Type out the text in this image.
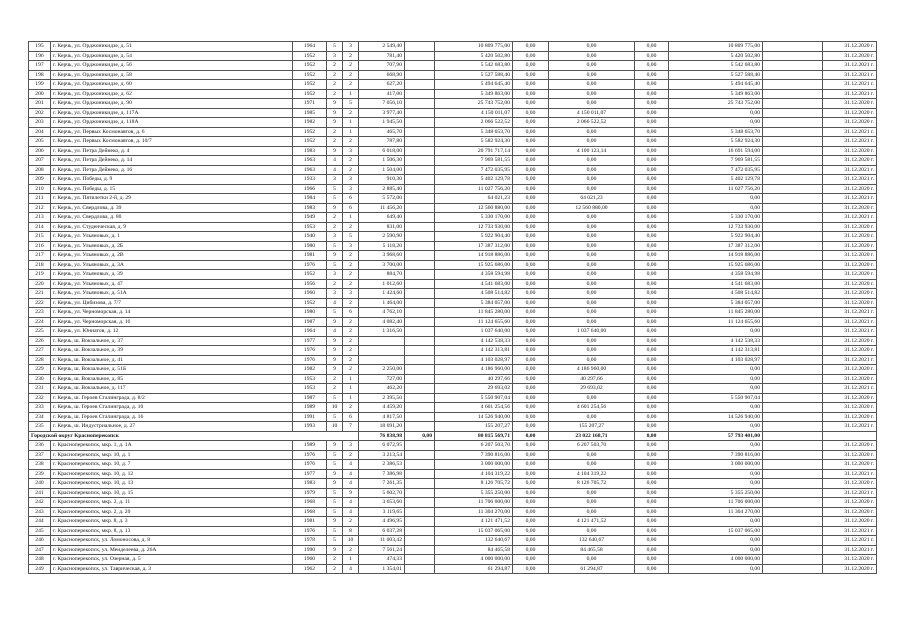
195	г. Керчь, ул. Орджоникидзе, д. 51	1964	5	3	2 549,40		10 809 775,00	0,00	0,00	0,00	10 809 775,00		31.12.2020 г.
196	г. Керчь, ул. Орджоникидзе, д. 54	1952	3	2	781,40		5 420 502,80	0,00	0,00	0,00	5 420 502,80		31.12.2020 г.
197	г. Керчь, ул. Орджоникидзе, д. 56	1952	2	2	707,90		5 542 683,80	0,00	0,00	0,00	5 542 683,80		31.12.2021 г.
198	г. Керчь, ул. Орджоникидзе, д. 58	1952	2	2	668,90		5 527 588,40	0,00	0,00	0,00	5 527 588,40		31.12.2021 г.
199	г. Керчь, ул. Орджоникидзе, д. 60	1952	2	2	627,20		5 494 645,40	0,00	0,00	0,00	5 494 645,40		31.12.2021 г.
200	г. Керчь, ул. Орджоникидзе, д. 62	1952	2	1	417,00		5 349 863,00	0,00	0,00	0,00	5 349 863,00		31.12.2021 г.
201	г. Керчь, ул. Орджоникидзе, д. 90	1971	9	5	7 056,10		25 743 752,00	0,00	0,00	0,00	25 743 752,00		31.12.2020 г.
202	г. Керчь, ул. Орджоникидзе, д. 117А	1985	9	2	3 977,40		4 150 011,07	0,00	4 150 011,07	0,00	0,00		31.12.2020 г.
203	г. Керчь, ул. Орджоникидзе, д. 118А	1982	9	1	1 945,50		2 066 522,52	0,00	2 066 522,52	0,00	0,00		31.12.2020 г.
204	г. Керчь, ул. Первых Космонавтов, д. 6	1952	2	1	465,70		5 348 653,70	0,00	0,00	0,00	5 348 653,70		31.12.2021 г.
205	г. Керчь, ул. Первых Космонавтов, д. 10/7	1952	2	2	787,80		5 582 924,30	0,00	0,00	0,00	5 582 924,30		31.12.2021 г.
206	г. Керчь, ул. Петра Дейнеко, д. 4	1983	9	3	6 018,00		20 791 717,14	0,00	4 100 123,14	0,00	16 691 594,00		31.12.2020 г.
207	г. Керчь, ул. Петра Дейнеко, д. 14	1963	4	2	1 506,30		7 969 581,55	0,00	0,00	0,00	7 969 581,55		31.12.2020 г.
208	г. Керчь, ул. Петра Дейнеко, д. 16	1963	4	2	1 504,00		7 472 035,95	0,00	0,00	0,00	7 472 035,95		31.12.2021 г.
209	г. Керчь, ул. Победы, д. 9	1933	3	3	910,30		5 402 129,78	0,00	0,00	0,00	5 402 129,78		31.12.2021 г.
210	г. Керчь, ул. Победы, д. 15	1966	5	3	2 885,40		11 027 756,20	0,00	0,00	0,00	11 027 756,20		31.12.2020 г.
211	г. Керчь, ул. Пятилетки 2-й, д. 29	1984	5	6	5 572,00		64 021,23	0,00	64 021,23	0,00	0,00		31.12.2021 г.
212	г. Керчь, ул. Свердлова, д. 39	1983	9	6	11 456,20		12 560 880,00	0,00	12 560 880,00	0,00	0,00		31.12.2020 г.
213	г. Керчь, ул. Свердлова, д. 80	1949	2	1	649,40		5 330 170,00	0,00	0,00	0,00	5 330 170,00		31.12.2021 г.
214	г. Керчь, ул. Студенческая, д. 9	1953	2	2	831,00		12 733 930,00	0,00	0,00	0,00	12 733 930,00		31.12.2020 г.
215	г. Керчь, ул. Ульяновых, д. 1	1940	3	5	2 590,90		5 922 904,40	0,00	0,00	0,00	5 922 904,40		31.12.2020 г.
216	г. Керчь, ул. Ульяновых, д. 2Б	1980	5	3	5 118,20		17 387 312,00	0,00	0,00	0,00	17 387 312,00		31.12.2020 г.
217	г. Керчь, ул. Ульяновых, д. 2В	1981	9	2	3 968,60		14 918 886,00	0,00	0,00	0,00	14 918 886,00		31.12.2020 г.
218	г. Керчь, ул. Ульяновых, д. 3А	1976	5	2	3 700,00		15 925 686,00	0,00	0,00	0,00	15 925 686,00		31.12.2020 г.
219	г. Керчь, ул. Ульяновых, д. 39	1952	3	2	884,70		4 358 594,98	0,00	0,00	0,00	4 358 594,98		31.12.2020 г.
220	г. Керчь, ул. Ульяновых, д. 47	1956	2	2	1 012,60		4 541 683,00	0,00	0,00	0,00	4 541 683,00		31.12.2020 г.
221	г. Керчь, ул. Ульяновых, д. 51А	1960	3	3	1 424,60		4 508 514,82	0,00	0,00	0,00	4 508 514,82		31.12.2020 г.
222	г. Керчь, ул. Цибизова, д. 7/7	1952	4	2	1 464,00		5 384 057,00	0,00	0,00	0,00	5 384 057,00		31.12.2020 г.
223	г. Керчь, ул. Черноморская, д. 14	1980	5	6	4 762,10		11 845 280,00	0,00	0,00	0,00	11 845 280,00		31.12.2021 г.
224	г. Керчь, ул. Черноморская, д. 16	1987	9	2	4 082,40		11 124 655,60	0,00	0,00	0,00	11 124 655,60		31.12.2021 г.
225	г. Керчь, ул. Юннатов, д. 12	1964	4	2	1 316,50		1 037 640,00	0,00	1 037 640,00	0,00	0,00		31.12.2021 г.
226	г. Керчь, ш. Вокзальное, д. 37	1977	9	2			4 142 538,33	0,00	0,00	0,00	4 142 538,33		31.12.2020 г.
227	г. Керчь, ш. Вокзальное, д. 39	1976	9	2			4 142 313,81	0,00	0,00	0,00	4 142 313,81		31.12.2020 г.
228	г. Керчь, ш. Вокзальное, д. 41	1976	9	2			4 103 028,97	0,00	0,00	0,00	4 103 028,97		31.12.2021 г.
229	г. Керчь, ш. Вокзальное, д. 51Б	1982	9	2	2 250,00		4 186 960,00	0,00	4 186 960,00	0,00	0,00		31.12.2020 г.
230	г. Керчь, ш. Вокзальное, д. 85	1953	2	1	727,00		40 297,66	0,00	40 297,66	0,00	0,00		31.12.2020 г.
231	г. Керчь, ш. Вокзальное, д. 117	1953	2	1	462,20		29 693,02	0,00	29 693,02	0,00	0,00		31.12.2021 г.
232	г. Керчь, ш. Героев Сталинграда, д. 8/2	1987	5	1	2 395,50		5 550 907,04	0,00	0,00	0,00	5 550 907,04		31.12.2020 г.
233	г. Керчь, ш. Героев Сталинграда, д. 10	1989	10	2	4 459,20		4 601 254,56	0,00	4 601 254,56	0,00	0,00		31.12.2020 г.
234	г. Керчь, ш. Героев Сталинграда, д. 16	1991	5	6	4 817,50		14 526 940,00	0,00	0,00	0,00	14 526 940,00		31.12.2020 г.
235	г. Керчь, ш. Индустриальное, д. 27	1993	10	7	18 691,20		155 207,27	0,00	155 207,27	0,00	0,00		31.12.2021 г.
Городской округ Красноперекопск					76 838,98	0,00	80 815 569,71	0,00	23 022 168,71	0,00	57 793 401,00		
236	г. Красноперекопск, мкр. 1, д. 1А	1989	9	3	6 072,95		6 207 503,70	0,00	6 207 503,70	0,00	0,00		31.12.2020 г.
237	г. Красноперекопск, мкр. 10, д. 1	1976	5	2	3 213,54		7 390 816,00	0,00	0,00	0,00	7 390 816,00		31.12.2020 г.
238	г. Красноперекопск, мкр. 10, д. 7	1976	5	4	2 386,53		3 000 000,00	0,00	0,00	0,00	3 000 000,00		31.12.2020 г.
239	г. Красноперекопск, мкр. 10, д. 12	1977	9	4	7 386,98		4 104 319,22	0,00	4 104 319,22	0,00	0,00		31.12.2021 г.
240	г. Красноперекопск, мкр. 10, д. 13	1983	9	4	7 261,35		8 126 705,72	0,00	8 126 705,72	0,00	0,00		31.12.2020 г.
241	г. Красноперекопск, мкр. 10, д. 15	1979	5	9	5 602,70		5 355 250,00	0,00	0,00	0,00	5 355 250,00		31.12.2021 г.
242	г. Красноперекопск, мкр. 2, д. 11	1968	5	4	3 653,60		11 706 000,00	0,00	0,00	0,00	11 706 000,00		31.12.2020 г.
243	г. Красноперекопск, мкр. 2, д. 20	1968	5	4	3 119,65		11 304 270,00	0,00	0,00	0,00	11 304 270,00		31.12.2020 г.
244	г. Красноперекопск, мкр. 8, д. 3	1981	9	2	4 496,95		4 121 471,52	0,00	4 121 471,52	0,00	0,00		31.12.2020 г.
245	г. Красноперекопск, мкр. 8, д. 13	1976	5	8	6 037,28		15 037 065,00	0,00	0,00	0,00	15 037 065,00		31.12.2021 г.
246	г. Красноперекопск, ул. Ломоносова, д. 8	1978	5	10	11 003,42		132 640,67	0,00	132 640,67	0,00	0,00		31.12.2021 г.
247	г. Красноперекопск, ул. Менделеева, д. 26А	1990	9	2	7 561,24		84 465,58	0,00	84 465,58	0,00	0,00		31.12.2021 г.
248	г. Красноперекопск, ул. Озерная, д. 5	1960	2	1	474,33		4 000 000,00	0,00	0,00	0,00	4 000 000,00		31.12.2020 г.
249	г. Красноперекопск, ул. Таврическая, д. 3	1962	2	4	1 354,01		61 294,87	0,00	61 294,87	0,00	0,00		31.12.2020 г.
